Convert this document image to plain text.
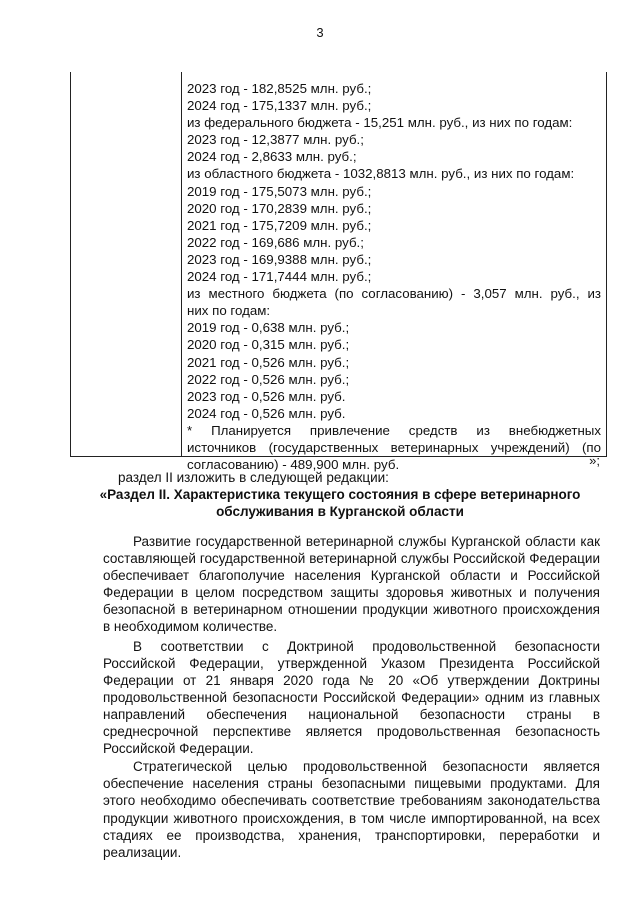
3
2023 год - 182,8525 млн. руб.;
2024 год - 175,1337 млн. руб.;
из федерального бюджета - 15,251 млн. руб., из них по годам:
2023 год - 12,3877 млн. руб.;
2024 год - 2,8633 млн. руб.;
из областного бюджета - 1032,8813 млн. руб., из них по годам:
2019 год - 175,5073 млн. руб.;
2020 год - 170,2839 млн. руб.;
2021 год - 175,7209 млн. руб.;
2022 год - 169,686 млн. руб.;
2023 год - 169,9388 млн. руб.;
2024 год - 171,7444 млн. руб.;
из местного бюджета (по согласованию) - 3,057 млн. руб., из
них по годам:
2019 год - 0,638 млн. руб.;
2020 год - 0,315 млн. руб.;
2021 год - 0,526 млн. руб.;
2022 год - 0,526 млн. руб.;
2023 год - 0,526 млн. руб.
2024 год - 0,526 млн. руб.
* Планируется привлечение средств из внебюджетных
источников (государственных ветеринарных учреждений) (по
согласованию) - 489,900 млн. руб.	»;
раздел II изложить в следующей редакции:
«Раздел II. Характеристика текущего состояния в сфере ветеринарного
обслуживания в Курганской области
Развитие государственной ветеринарной службы Курганской области как составляющей государственной ветеринарной службы Российской Федерации обеспечивает благополучие населения Курганской области и Российской Федерации в целом посредством защиты здоровья животных и получения безопасной в ветеринарном отношении продукции животного происхождения в необходимом количестве.
В соответствии с Доктриной продовольственной безопасности Российской Федерации, утвержденной Указом Президента Российской Федерации от 21 января 2020 года № 20 «Об утверждении Доктрины продовольственной безопасности Российской Федерации» одним из главных направлений обеспечения национальной безопасности страны в среднесрочной перспективе является продовольственная безопасность Российской Федерации.
Стратегической целью продовольственной безопасности является обеспечение населения страны безопасными пищевыми продуктами. Для этого необходимо обеспечивать соответствие требованиям законодательства продукции животного происхождения, в том числе импортированной, на всех стадиях ее производства, хранения, транспортировки, переработки и реализации.
